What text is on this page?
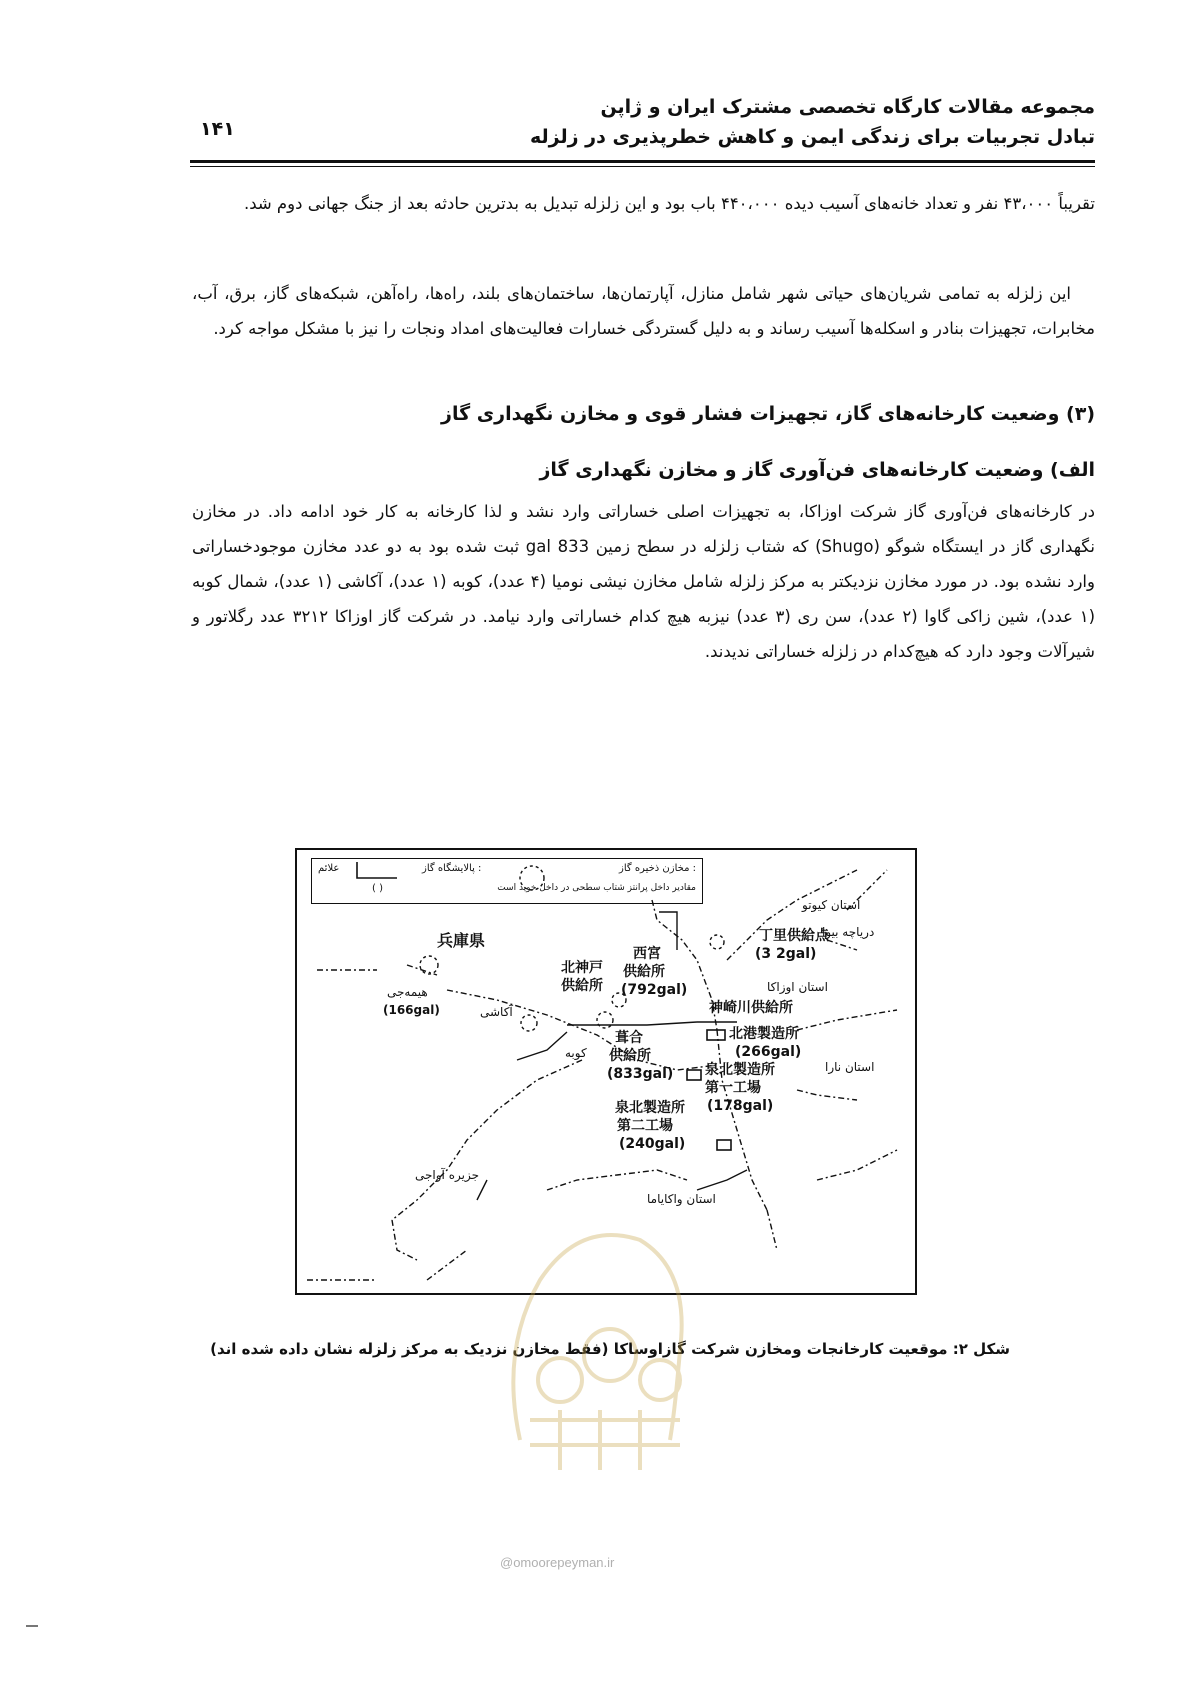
مجموعه مقالات کارگاه تخصصی مشترک ایران و ژاپن
تبادل تجربیات برای زندگی ایمن و کاهش خطرپذیری در زلزله
۱۴۱

تقریباً ۴۳،۰۰۰ نفر و تعداد خانه‌های آسیب دیده ۴۴۰،۰۰۰ باب بود و این زلزله تبدیل به بدترین حادثه بعد از جنگ جهانی دوم شد.

این زلزله به تمامی شریان‌های حیاتی شهر شامل منازل، آپارتمان‌ها، ساختمان‌های بلند، راه‌ها، راه‌آهن، شبکه‌های گاز، برق، آب، مخابرات، تجهیزات بنادر و اسکله‌ها آسیب رساند و به دلیل گستردگی خسارات فعالیت‌های امداد ونجات را نیز با مشکل مواجه کرد.

(۳) وضعیت کارخانه‌های گاز، تجهیزات فشار قوی و مخازن نگهداری گاز
الف) وضعیت کارخانه‌های فن‌آوری گاز و مخازن نگهداری گاز

در کارخانه‌های فن‌آوری گاز شرکت اوزاکا، به تجهیزات اصلی خساراتی وارد نشد و لذا کارخانه به کار خود ادامه داد. در مخازن نگهداری گاز در ایستگاه شوگو (Shugo) که شتاب زلزله در سطح زمین 833 gal ثبت شده بود به دو عدد مخازن موجودخساراتی وارد نشده بود. در مورد مخازن نزدیکتر به مرکز زلزله شامل مخازن نیشی نومیا (۴ عدد)، کوبه (۱ عدد)، آکاشی (۱ عدد)، شمال کوبه (۱ عدد)، شین زاکی گاوا (۲ عدد)، سن ری (۳ عدد) نیزبه هیچ کدام خساراتی وارد نیامد. در شرکت گاز اوزاکا ۳۲۱۲ عدد رگلاتور و شیرآلات وجود دارد که هیچ‌کدام در زلزله خساراتی ندیدند.

مخازن ذخیره گاز :
پالایشگاه گاز :
علائم
مقادیر داخل پرانتز شتاب سطحی در داخل خوید است
( )
兵庫県
استان کیوتو
دریاچه بیوا
استان اوزاکا
استان نارا
استان واکایاما
جزیره آواجی
آکاشی
کوبه
هیمه‌جی
(166gal)
丁里供給点
(3 2gal)
西宮
供給所
(792gal)
北神戸
供給所
神崎川供給所
北港製造所
(266gal)
葺合
供給所
(833gal) 泉北製造所
第一工場
(178gal)
泉北製造所
第二工場
(240gal)
شکل ۲: موقعیت کارخانجات ومخازن شرکت گازاوساکا (فقط مخازن نزدیک به مرکز زلزله نشان داده شده اند)
@omoorepeyman.ir
